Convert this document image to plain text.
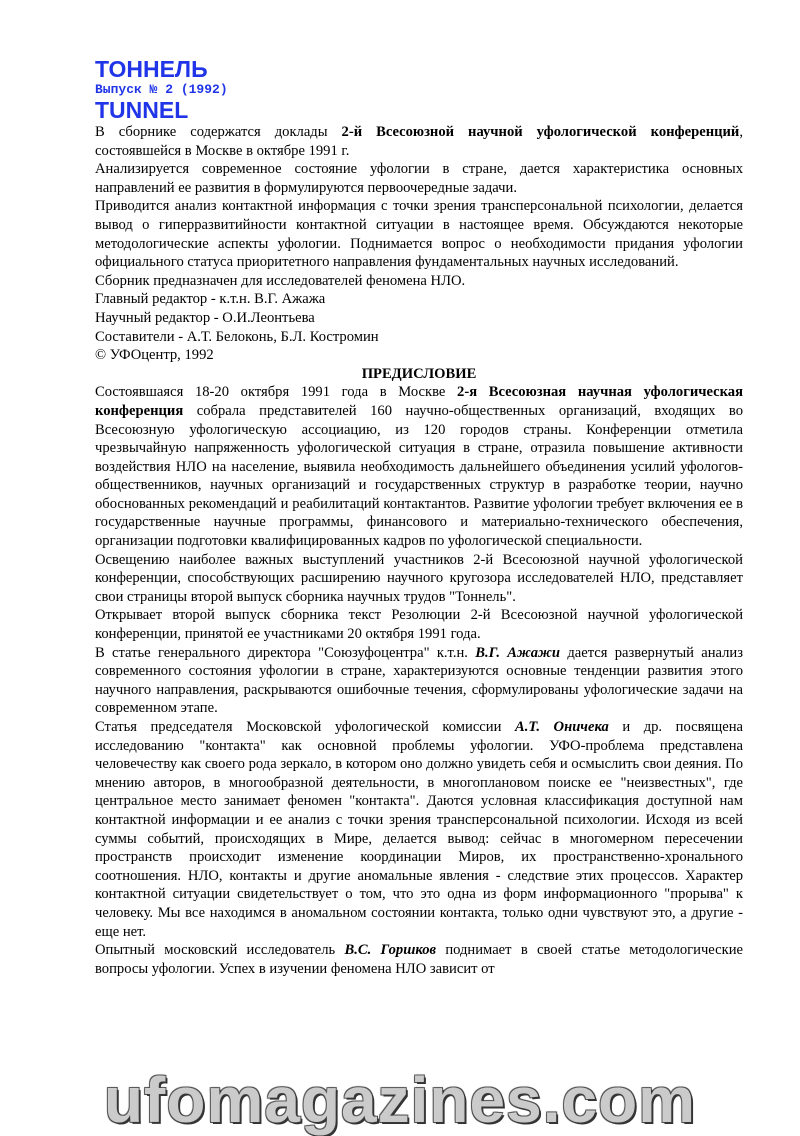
ТОННЕЛЬ
Выпуск № 2 (1992)
TUNNEL

В сборнике содержатся доклады 2-й Всесоюзной научной уфологической конференций, состоявшейся в Москве в октябре 1991 г.

Анализируется современное состояние уфологии в стране, дается характеристика основных направлений ее развития в формулируются первоочередные задачи.

Приводится анализ контактной информация с точки зрения трансперсональной психологии, делается вывод о гиперразвитийности контактной ситуации в настоящее время. Обсуждаются некоторые методологические аспекты уфологии. Поднимается вопрос о необходимости придания уфологии официального статуса приоритетного направления фундаментальных научных исследований.

Сборник предназначен для исследователей феномена НЛО.

Главный редактор - к.т.н. В.Г. Ажажа

Научный редактор - О.И.Леонтьева

Составители - А.Т. Белоконь, Б.Л. Костромин

© УФОцентр, 1992

ПРЕДИСЛОВИЕ

Состоявшаяся 18-20 октября 1991 года в Москве 2-я Всесоюзная научная уфологическая конференция собрала представителей 160 научно-общественных организаций, входящих во Всесоюзную уфологическую ассоциацию, из 120 городов страны. Конференции отметила чрезвычайную напряженность уфологической ситуация в стране, отразила повышение активности воздействия НЛО на население, выявила необходимость дальнейшего объединения усилий уфологов-общественников, научных организаций и государственных структур в разработке теории, научно обоснованных рекомендаций и реабилитаций контактантов. Развитие уфологии требует включения ее в государственные научные программы, финансового и материально-технического обеспечения, организации подготовки квалифицированных кадров по уфологической специальности.

Освещению наиболее важных выступлений участников 2-й Всесоюзной научной уфологической конференции, способствующих расширению научного кругозора исследователей НЛО, представляет свои страницы второй выпуск сборника научных трудов "Тоннель".

Открывает второй выпуск сборника текст Резолюции 2-й Всесоюзной научной уфологической конференции, принятой ее участниками 20 октября 1991 года.

В статье генерального директора "Союзуфоцентра" к.т.н. В.Г. Ажажи дается развернутый анализ современного состояния уфологии в стране, характеризуются основные тенденции развития этого научного направления, раскрываются ошибочные течения, сформулированы уфологические задачи на современном этапе.

Статья председателя Московской уфологической комиссии А.Т. Оничека и др. посвящена исследованию "контакта" как основной проблемы уфологии. УФО-проблема представлена человечеству как своего рода зеркало, в котором оно должно увидеть себя и осмыслить свои деяния. По мнению авторов, в многообразной деятельности, в многоплановом поиске ее "неизвестных", где центральное место занимает феномен "контакта". Даются условная классификация доступной нам контактной информации и ее анализ с точки зрения трансперсональной психологии. Исходя из всей суммы событий, происходящих в Мире, делается вывод: сейчас в многомерном пересечении пространств происходит изменение координации Миров, их пространственно-хронального соотношения. НЛО, контакты и другие аномальные явления - следствие этих процессов. Характер контактной ситуации свидетельствует о том, что это одна из форм информационного "прорыва" к человеку. Мы все находимся в аномальном состоянии контакта, только одни чувствуют это, а другие - еще нет.

Опытный московский исследователь В.С. Горшков поднимает в своей статье методологические вопросы уфологии. Успех в изучении феномена НЛО зависит от

ufomagazines.com
